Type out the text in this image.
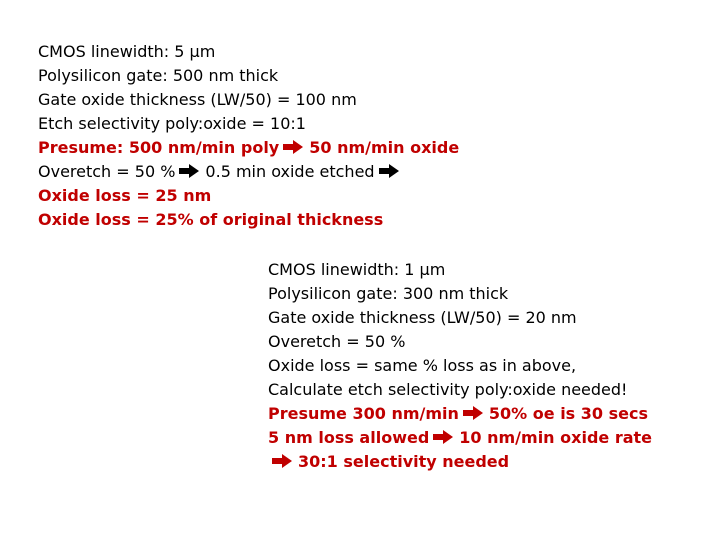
CMOS linewidth: 5 µm
Polysilicon gate: 500 nm thick
Gate oxide thickness (LW/50) = 100 nm
Etch selectivity poly:oxide = 10:1
Presume: 500 nm/min poly 50 nm/min oxide
Overetch = 50 % 0.5 min oxide etched
Oxide loss = 25 nm
Oxide loss = 25% of original thickness
CMOS linewidth: 1 µm
Polysilicon gate: 300 nm thick
Gate oxide thickness (LW/50) = 20 nm
Overetch = 50 %
Oxide loss = same % loss as in above,
Calculate etch selectivity poly:oxide needed!
Presume 300 nm/min 50% oe is 30 secs
5 nm loss allowed 10 nm/min oxide rate
30:1 selectivity needed
